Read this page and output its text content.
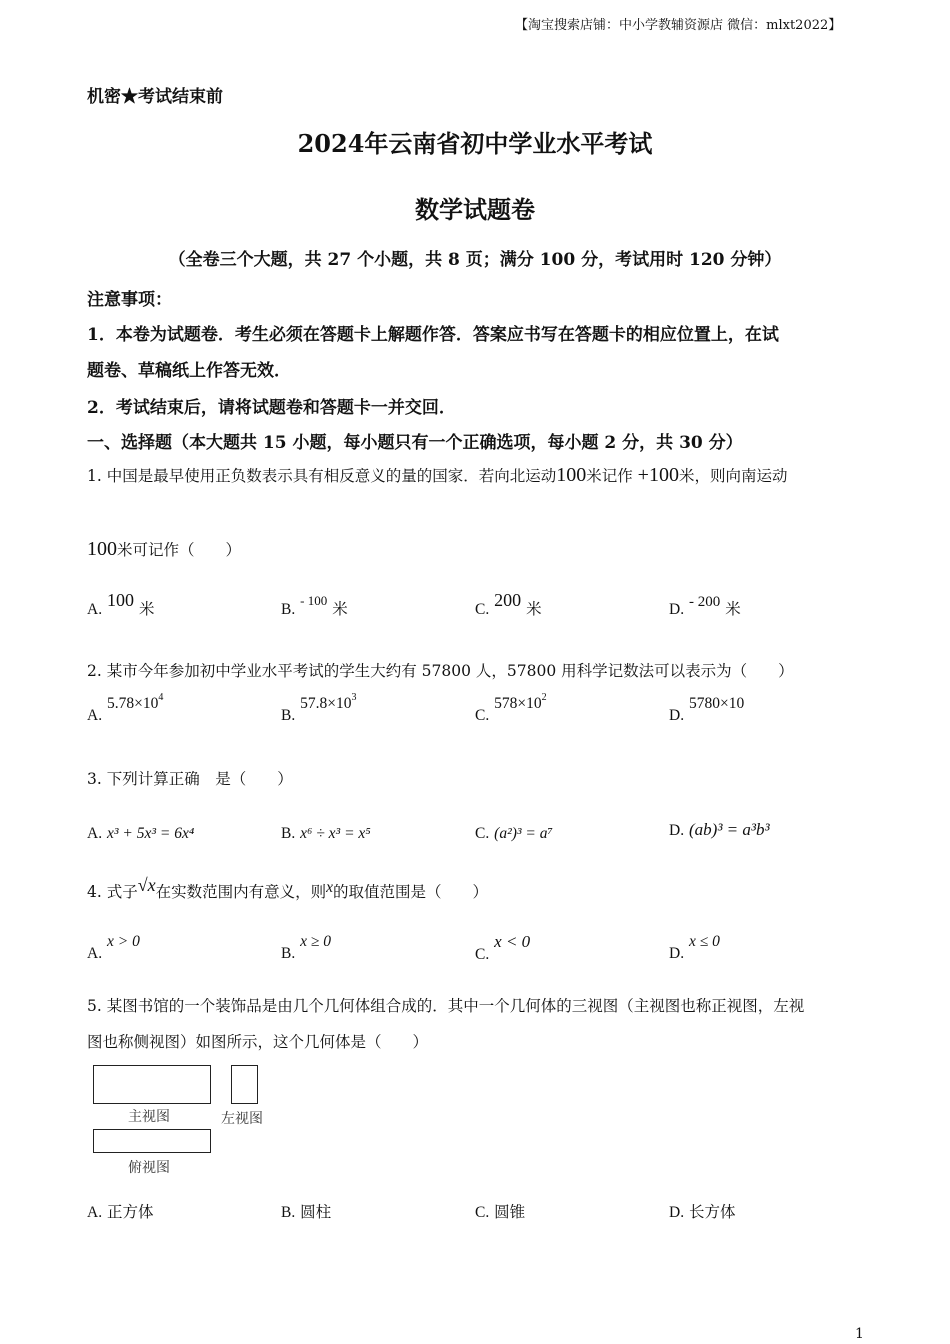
【淘宝搜索店铺：中小学教辅资源店 微信：mlxt2022】
机密★考试结束前
2024年云南省初中学业水平考试
数学试题卷
（全卷三个大题，共 27 个小题，共 8 页；满分 100 分，考试用时 120 分钟）
注意事项：
1．本卷为试题卷．考生必须在答题卡上解题作答．答案应书写在答题卡的相应位置上，在试
题卷、草稿纸上作答无效．
2．考试结束后，请将试题卷和答题卡一并交回．
一、选择题（本大题共 15 小题，每小题只有一个正确选项，每小题 2 分，共 30 分）
1. 中国是最早使用正负数表示具有相反意义的量的国家．若向北运动100米记作 +100米，则向南运动
100米可记作（　　）
A. 100 米	B. $^{- 100}$ 米	C. 200 米	D. - 200 米
2. 某市今年参加初中学业水平考试的学生大约有 57800 人，57800 用科学记数法可以表示为（　　）
A. $5.78\times 10^4$
B. $57.8\times 10^3$
C. $578\times 10^2$
D. 5780×10
3. 下列计算正确　是（　　）
A. x³ + 5x³ = 6x⁴	B. x⁶ ÷ x³ = x⁵	C. (a²)³ = a⁷	D. (ab)³ = a³b³
4. 式子√x在实数范围内有意义，则x的取值范围是（　　）
A. x > 0
B. x ≥ 0
C. x < 0
D. x ≤ 0
5. 某图书馆的一个装饰品是由几个几何体组合成的．其中一个几何体的三视图（主视图也称正视图，左视
图也称侧视图）如图所示，这个几何体是（　　）
主视图	左视图
俯视图
A. 正方体	B. 圆柱	C. 圆锥	D. 长方体
1
